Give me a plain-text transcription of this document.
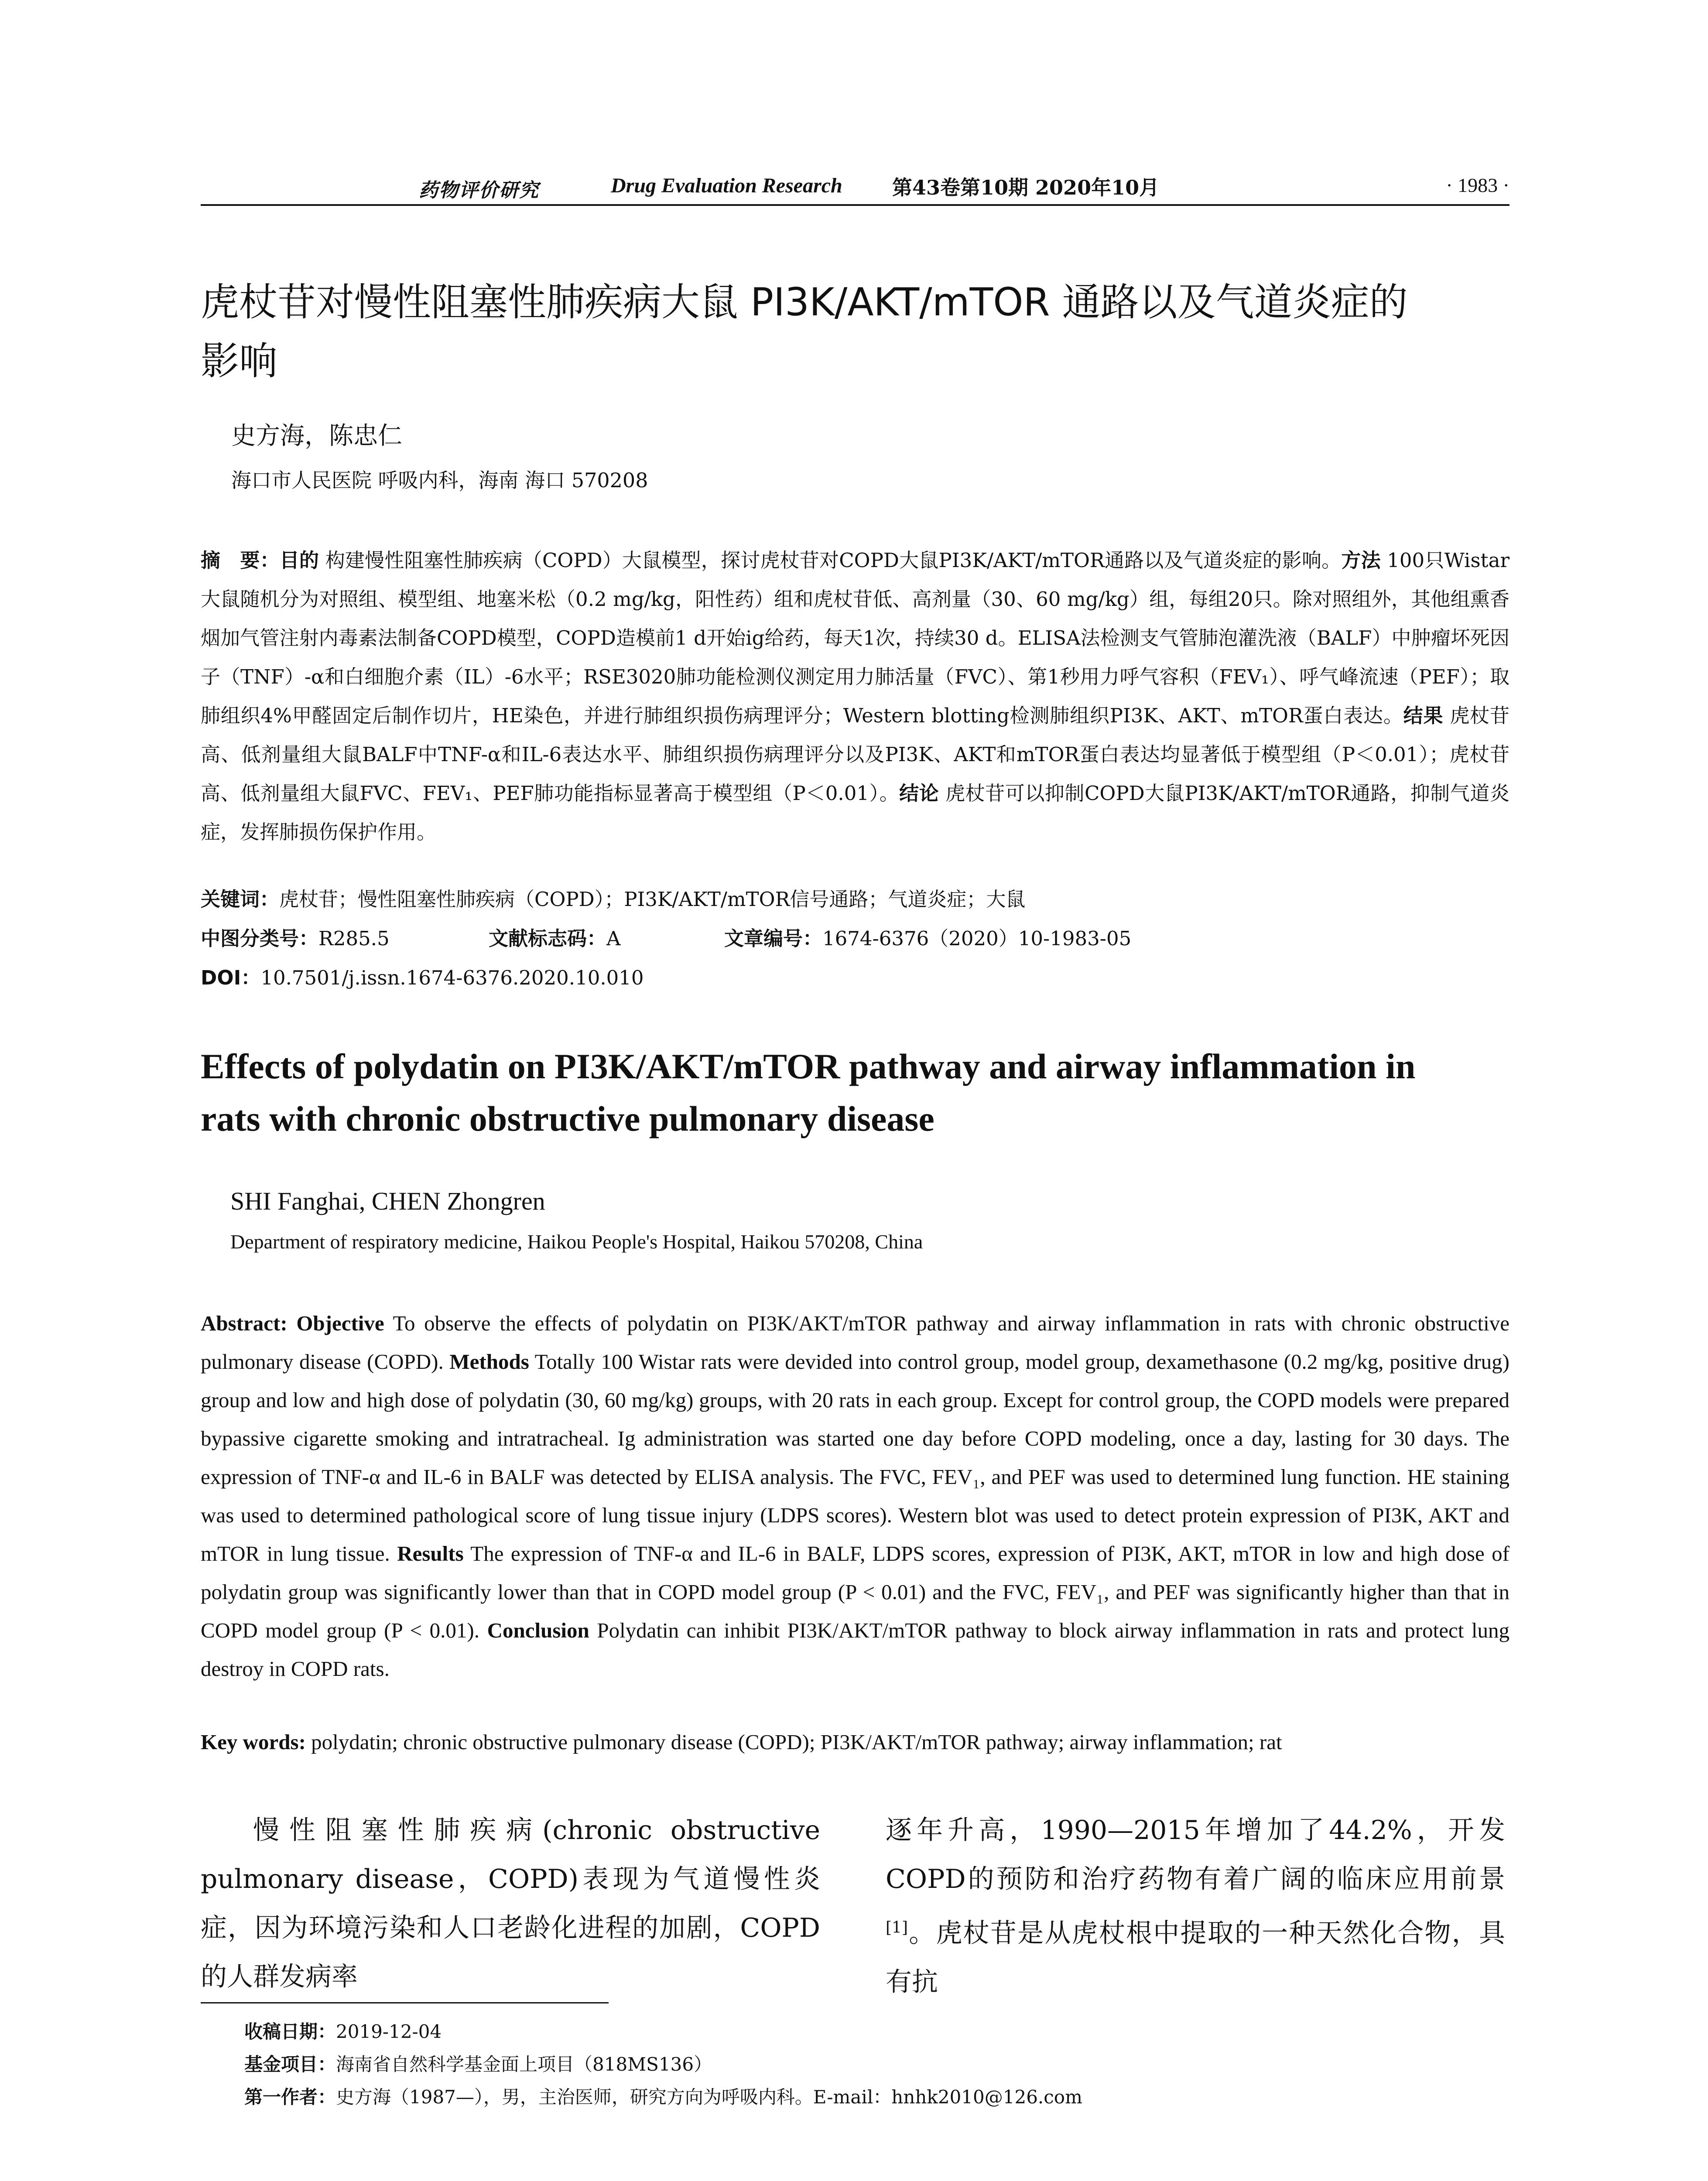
药物评价研究	Drug Evaluation Research 第43卷第10期 2020年10月	· 1983 ·
虎杖苷对慢性阻塞性肺疾病大鼠 PI3K/AKT/mTOR 通路以及气道炎症的
影响
史方海，陈忠仁
海口市人民医院 呼吸内科，海南 海口 570208
摘　要：目的 构建慢性阻塞性肺疾病（COPD）大鼠模型，探讨虎杖苷对COPD大鼠PI3K/AKT/mTOR通路以及气道炎症的影响。方法 100只Wistar大鼠随机分为对照组、模型组、地塞米松（0.2 mg/kg，阳性药）组和虎杖苷低、高剂量（30、60 mg/kg）组，每组20只。除对照组外，其他组熏香烟加气管注射内毒素法制备COPD模型，COPD造模前1 d开始ig给药，每天1次，持续30 d。ELISA法检测支气管肺泡灌洗液（BALF）中肿瘤坏死因子（TNF）-α和白细胞介素（IL）-6水平；RSE3020肺功能检测仪测定用力肺活量（FVC）、第1秒用力呼气容积（FEV₁）、呼气峰流速（PEF）；取肺组织4%甲醛固定后制作切片，HE染色，并进行肺组织损伤病理评分；Western blotting检测肺组织PI3K、AKT、mTOR蛋白表达。结果 虎杖苷高、低剂量组大鼠BALF中TNF-α和IL-6表达水平、肺组织损伤病理评分以及PI3K、AKT和mTOR蛋白表达均显著低于模型组（P＜0.01）；虎杖苷高、低剂量组大鼠FVC、FEV₁、PEF肺功能指标显著高于模型组（P＜0.01）。结论 虎杖苷可以抑制COPD大鼠PI3K/AKT/mTOR通路，抑制气道炎症，发挥肺损伤保护作用。
关键词：虎杖苷；慢性阻塞性肺疾病（COPD）；PI3K/AKT/mTOR信号通路；气道炎症；大鼠
中图分类号：R285.5	文献标志码：A	文章编号：1674-6376（2020）10-1983-05
DOI：10.7501/j.issn.1674-6376.2020.10.010
Effects of polydatin on PI3K/AKT/mTOR pathway and airway inflammation in
rats with chronic obstructive pulmonary disease
SHI Fanghai, CHEN Zhongren
Department of respiratory medicine, Haikou People's Hospital, Haikou 570208, China
Abstract: Objective To observe the effects of polydatin on PI3K/AKT/mTOR pathway and airway inflammation in rats with chronic obstructive pulmonary disease (COPD). Methods Totally 100 Wistar rats were devided into control group, model group, dexamethasone (0.2 mg/kg, positive drug) group and low and high dose of polydatin (30, 60 mg/kg) groups, with 20 rats in each group. Except for control group, the COPD models were prepared bypassive cigarette smoking and intratracheal. Ig administration was started one day before COPD modeling, once a day, lasting for 30 days. The expression of TNF-α and IL-6 in BALF was detected by ELISA analysis. The FVC, FEV₁, and PEF was used to determined lung function. HE staining was used to determined pathological score of lung tissue injury (LDPS scores). Western blot was used to detect protein expression of PI3K, AKT and mTOR in lung tissue. Results The expression of TNF-α and IL-6 in BALF, LDPS scores, expression of PI3K, AKT, mTOR in low and high dose of polydatin group was significantly lower than that in COPD model group (P < 0.01) and the FVC, FEV₁, and PEF was significantly higher than that in COPD model group (P < 0.01). Conclusion Polydatin can inhibit PI3K/AKT/mTOR pathway to block airway inflammation in rats and protect lung destroy in COPD rats.
Key words: polydatin; chronic obstructive pulmonary disease (COPD); PI3K/AKT/mTOR pathway; airway inflammation; rat
慢性阻塞性肺疾病(chronic obstructive pulmonary disease，COPD)表现为气道慢性炎症，因为环境污染和人口老龄化进程的加剧，COPD的人群发病率
逐年升高，1990—2015年增加了44.2%，开发COPD的预防和治疗药物有着广阔的临床应用前景[1]。虎杖苷是从虎杖根中提取的一种天然化合物，具有抗
收稿日期：2019-12-04
基金项目：海南省自然科学基金面上项目（818MS136）
第一作者：史方海（1987—），男，主治医师，研究方向为呼吸内科。E-mail：hnhk2010@126.com
